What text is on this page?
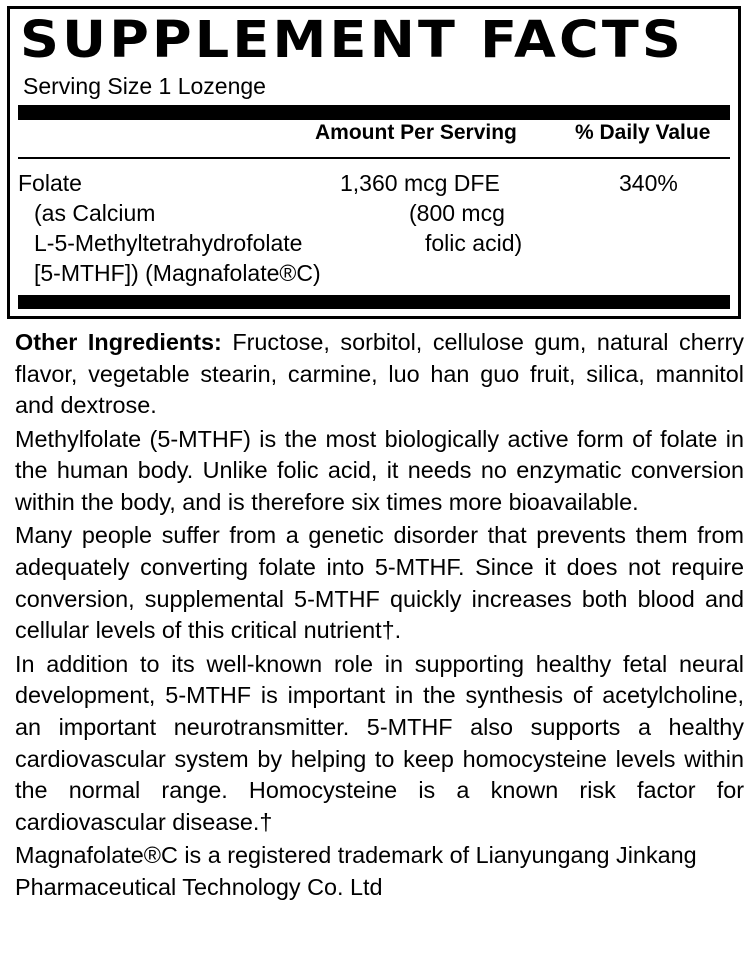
SUPPLEMENT FACTS
Serving Size 1 Lozenge
Amount Per Serving	% Daily Value
Folate
(as Calcium
L-5-Methyltetrahydrofolate
[5-MTHF]) (Magnafolate®C)
1,360 mcg DFE
(800 mcg
folic acid)
340%

Other Ingredients: Fructose, sorbitol, cellulose gum, natural cherry flavor, vegetable stearin, carmine, luo han guo fruit, silica, mannitol and dextrose.

Methylfolate (5-MTHF) is the most biologically active form of folate in the human body. Unlike folic acid, it needs no enzymatic conversion within the body, and is therefore six times more bioavailable.

Many people suffer from a genetic disorder that prevents them from adequately converting folate into 5-MTHF. Since it does not require conversion, supplemental 5-MTHF quickly increases both blood and cellular levels of this critical nutrient†.

In addition to its well-known role in supporting healthy fetal neural development, 5-MTHF is important in the synthesis of acetylcholine, an important neurotransmitter. 5-MTHF also supports a healthy cardiovascular system by helping to keep homocysteine levels within the normal range. Homocysteine is a known risk factor for cardiovascular disease.†

Magnafolate®C is a registered trademark of Lianyungang Jinkang Pharmaceutical Technology Co. Ltd
